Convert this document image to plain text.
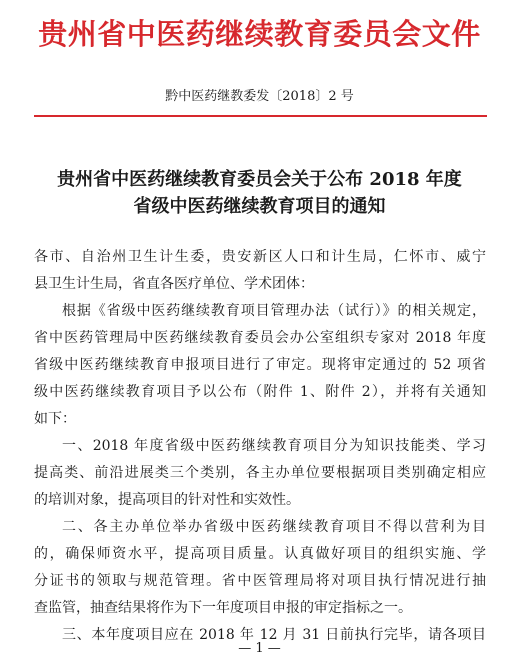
贵州省中医药继续教育委员会文件
黔中医药继教委发〔2018〕2 号
贵州省中医药继续教育委员会关于公布 2018 年度
省级中医药继续教育项目的通知
各市、自治州卫生计生委，贵安新区人口和计生局，仁怀市、威宁
县卫生计生局，省直各医疗单位、学术团体：
根据《省级中医药继续教育项目管理办法（试行）》的相关规定，
省中医药管理局中医药继续教育委员会办公室组织专家对 2018 年度
省级中医药继续教育申报项目进行了审定。现将审定通过的 52 项省
级中医药继续教育项目予以公布（附件 1、附件 2），并将有关通知
如下：
一、2018 年度省级中医药继续教育项目分为知识技能类、学习
提高类、前沿进展类三个类别，各主办单位要根据项目类别确定相应
的培训对象，提高项目的针对性和实效性。
二、各主办单位举办省级中医药继续教育项目不得以营利为目
的，确保师资水平，提高项目质量。认真做好项目的组织实施、学
分证书的领取与规范管理。省中医管理局将对项目执行情况进行抽
查监管，抽查结果将作为下一年度项目申报的审定指标之一。
三、本年度项目应在 2018 年 12 月 31 日前执行完毕，请各项目
— 1 —
